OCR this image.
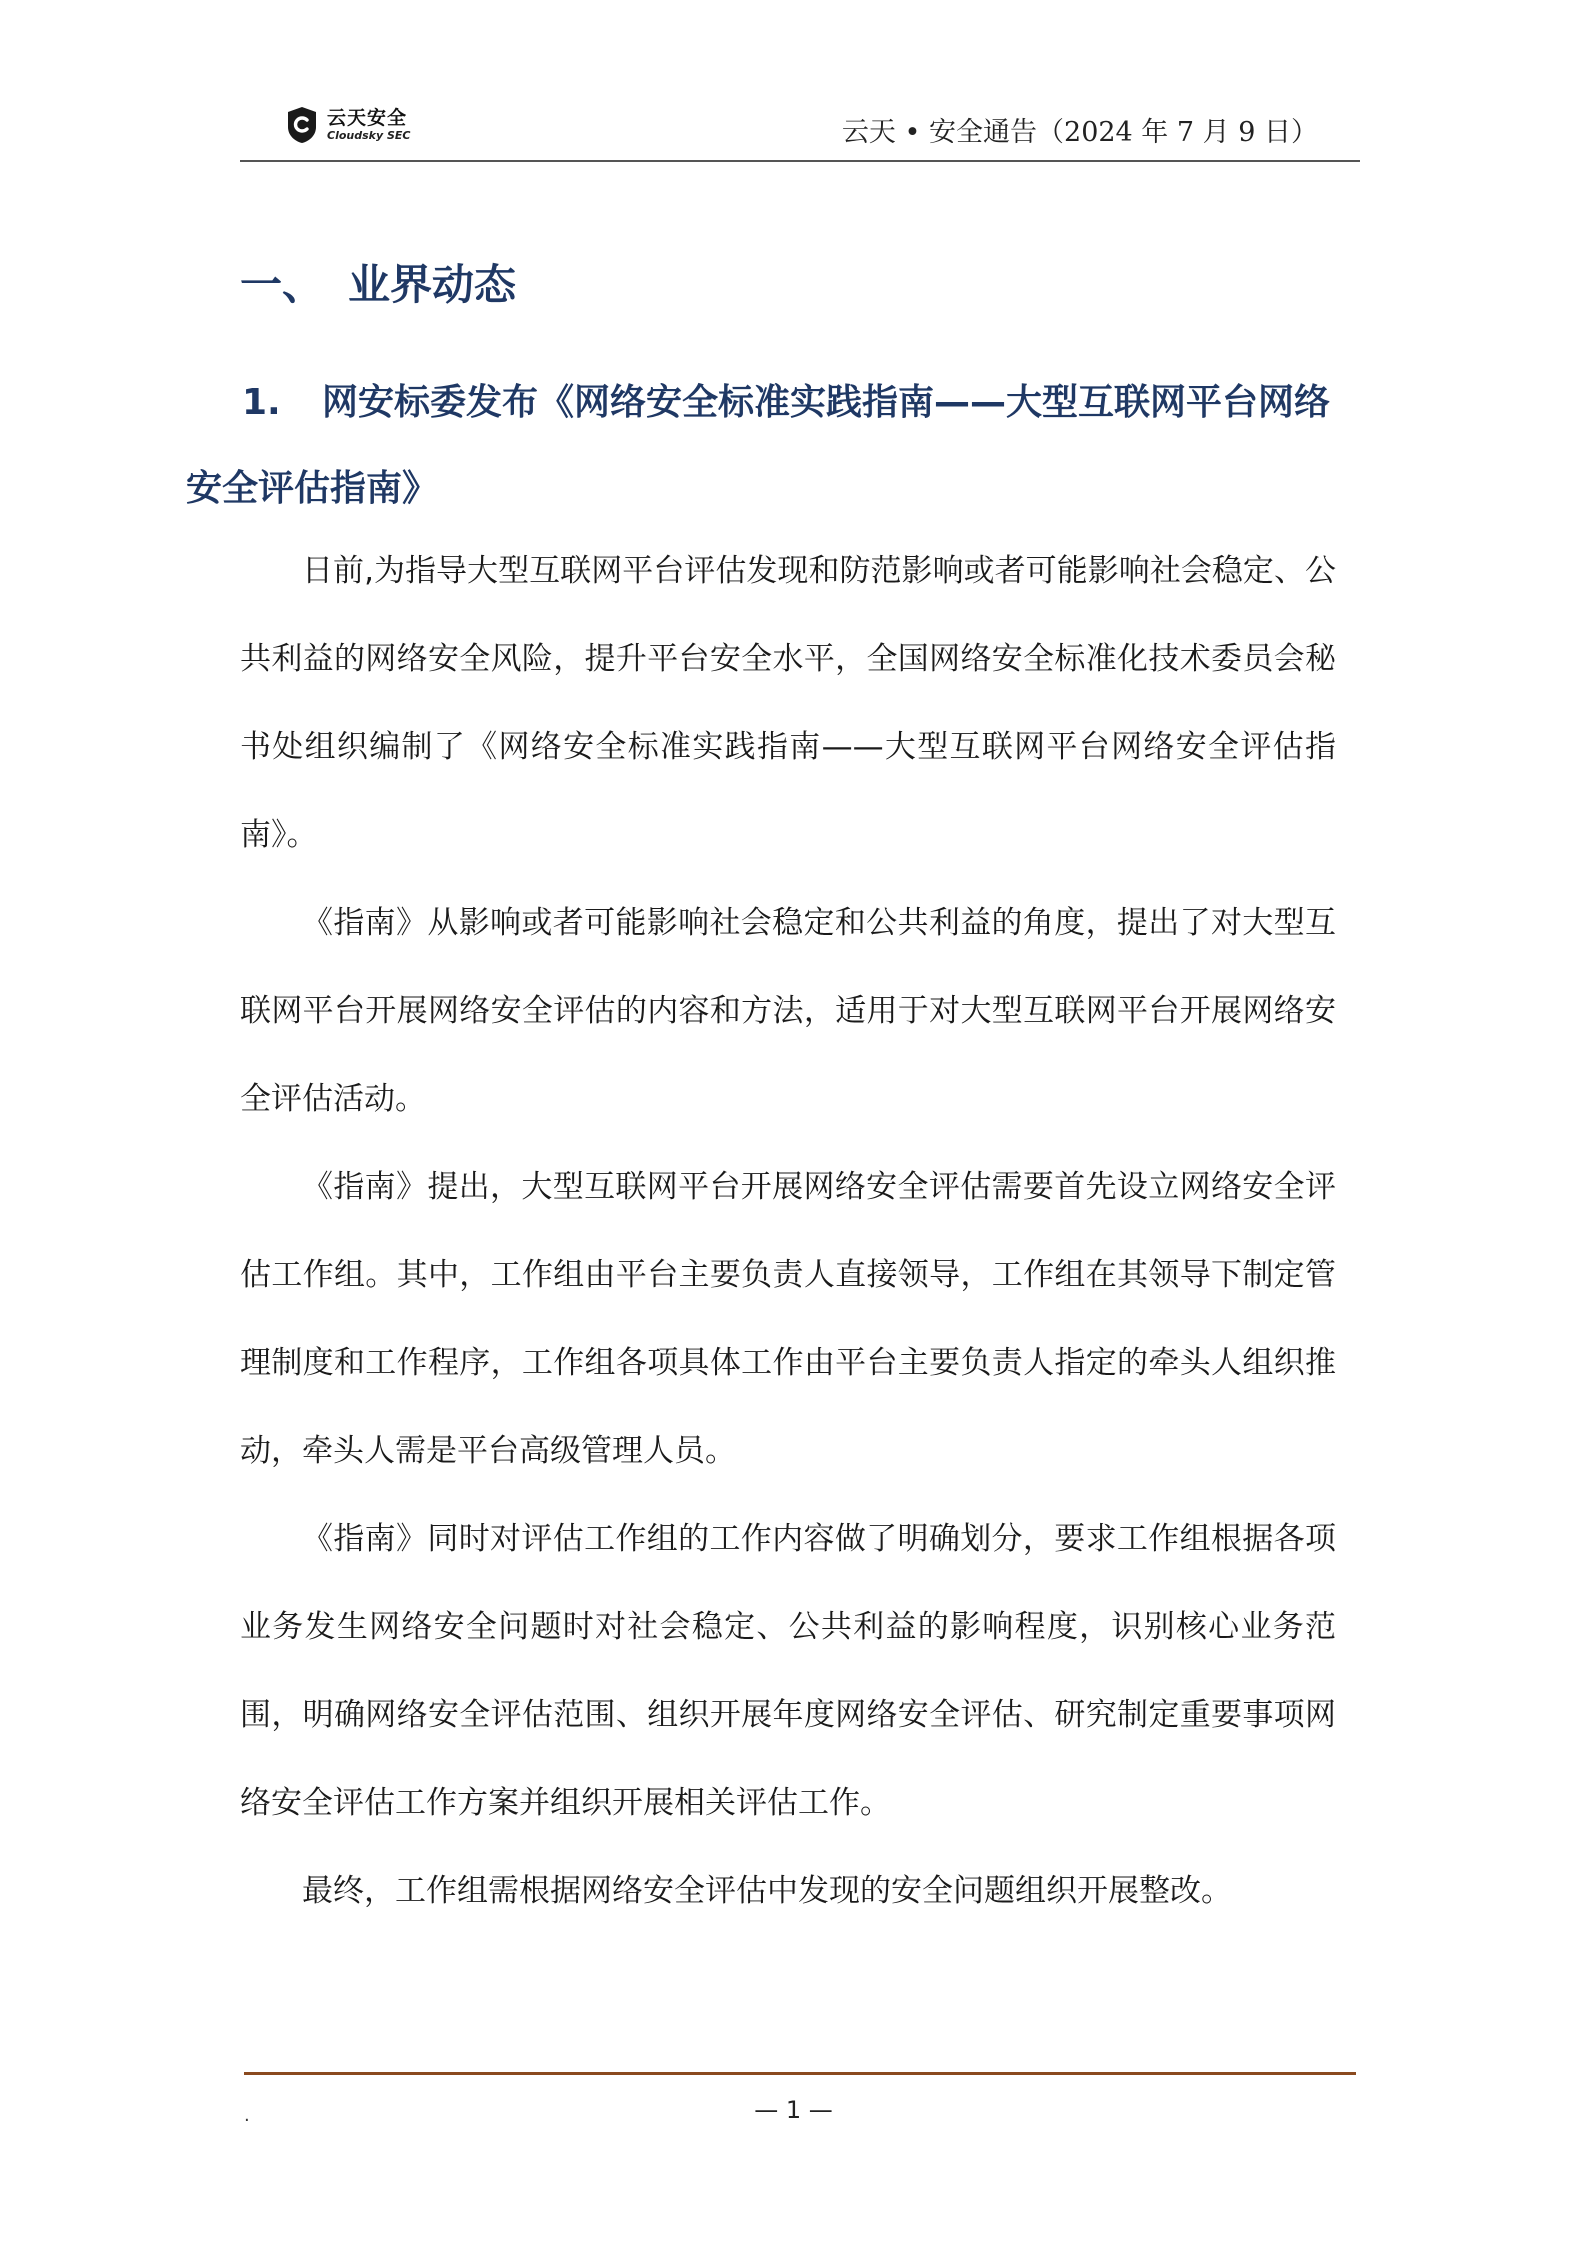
云天安全
Cloudsky SEC	云天 • 安全通告（2024 年 7 月 9 日）
一、 业界动态
1. 网安标委发布《网络安全标准实践指南——大型互联网平台网络安全评估指南》

日前,为指导大型互联网平台评估发现和防范影响或者可能影响社会稳定、公共利益的网络安全风险，提升平台安全水平，全国网络安全标准化技术委员会秘书处组织编制了《网络安全标准实践指南——大型互联网平台网络安全评估指南》。

《指南》从影响或者可能影响社会稳定和公共利益的角度，提出了对大型互联网平台开展网络安全评估的内容和方法，适用于对大型互联网平台开展网络安全评估活动。

《指南》提出，大型互联网平台开展网络安全评估需要首先设立网络安全评估工作组。其中，工作组由平台主要负责人直接领导，工作组在其领导下制定管理制度和工作程序，工作组各项具体工作由平台主要负责人指定的牵头人组织推动，牵头人需是平台高级管理人员。

《指南》同时对评估工作组的工作内容做了明确划分，要求工作组根据各项业务发生网络安全问题时对社会稳定、公共利益的影响程度，识别核心业务范围，明确网络安全评估范围、组织开展年度网络安全评估、研究制定重要事项网络安全评估工作方案并组织开展相关评估工作。

最终，工作组需根据网络安全评估中发现的安全问题组织开展整改。

.	— 1 —
